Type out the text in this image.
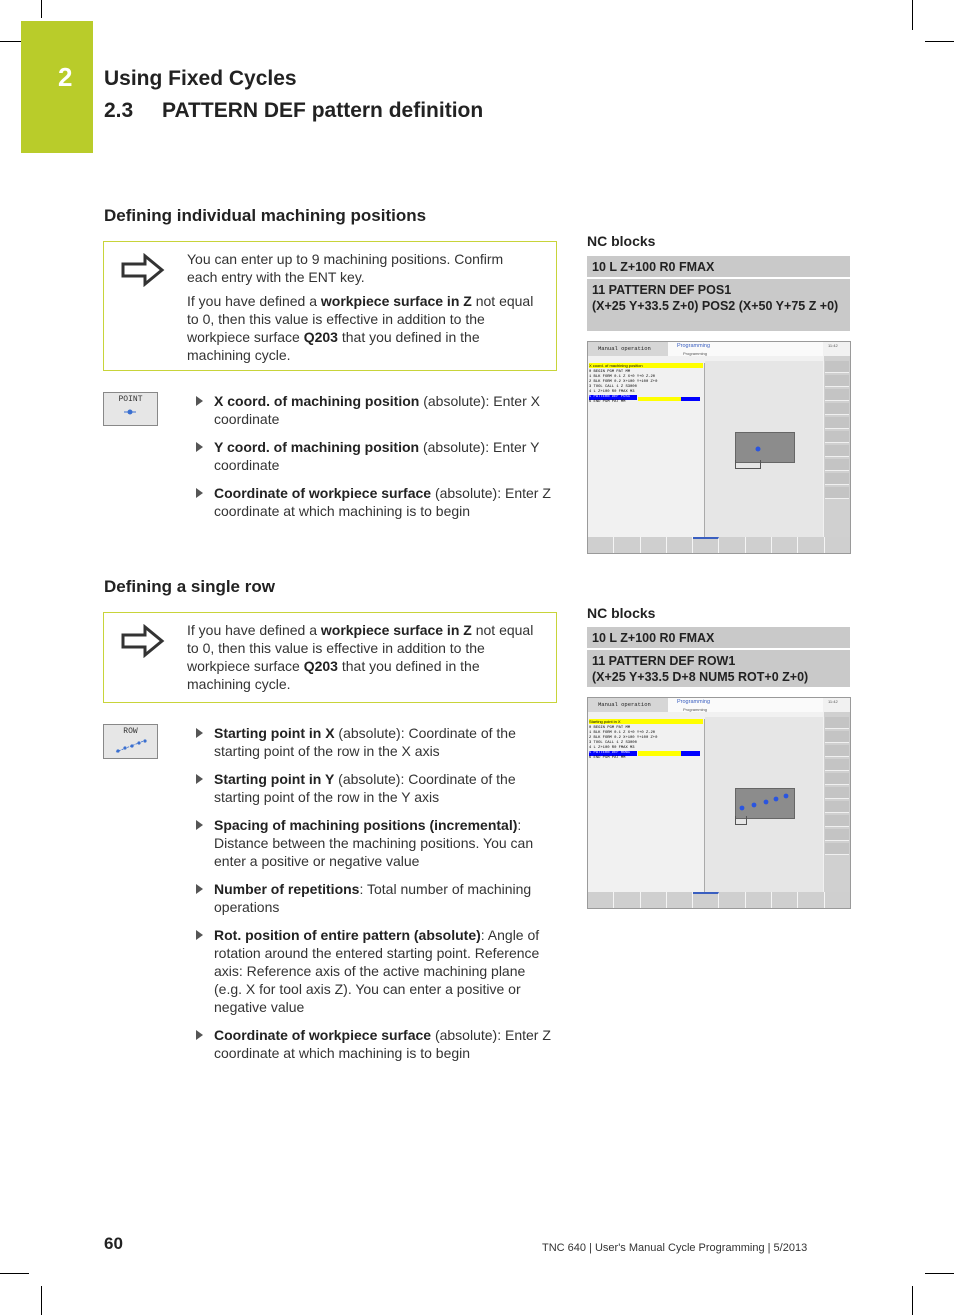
2 Using Fixed Cycles
2.3 PATTERN DEF pattern definition
Defining individual machining positions

You can enter up to 9 machining positions. Confirm each entry with the ENT key.

If you have defined a workpiece surface in Z not equal to 0, then this value is effective in addition to the workpiece surface Q203 that you defined in the machining cycle.

POINT	X coord. of machining position (absolute): Enter X coordinate
Y coord. of machining position (absolute): Enter Y coordinate
Coordinate of workpiece surface (absolute): Enter Z coordinate at which machining is to begin
NC blocks
10 L Z+100 R0 FMAX
11 PATTERN DEF POS1
(X+25 Y+33.5 Z+0) POS2 (X+50 Y+75 Z +0)
Manual operation	Programming
Programming
11:42
X coord. of machining position
0 BEGIN PGM PAT MM
1 BLK FORM 0.1 Z X+0 Y+0 Z-20
2 BLK FORM 0.2 X+100 Y+100 Z+0
3 TOOL CALL 1 Z S3000
4 L Z+100 R0 FMAX M3
5 PATTERN DEF POS1
6 END PGM PAT MM
Defining a single row

If you have defined a workpiece surface in Z not equal to 0, then this value is effective in addition to the workpiece surface Q203 that you defined in the machining cycle.

ROW	Starting point in X (absolute): Coordinate of the starting point of the row in the X axis
Starting point in Y (absolute): Coordinate of the starting point of the row in the Y axis
Spacing of machining positions (incremental): Distance between the machining positions. You can enter a positive or negative value
Number of repetitions: Total number of machining operations
Rot. position of entire pattern (absolute): Angle of rotation around the entered starting point. Reference axis: Reference axis of the active machining plane (e.g. X for tool axis Z). You can enter a positive or negative value
Coordinate of workpiece surface (absolute): Enter Z coordinate at which machining is to begin
NC blocks
10 L Z+100 R0 FMAX
11 PATTERN DEF ROW1
(X+25 Y+33.5 D+8 NUM5 ROT+0 Z+0)
Manual operation	Programming
Programming
11:42
Starting point in X
0 BEGIN PGM PAT MM
1 BLK FORM 0.1 Z X+0 Y+0 Z-20
2 BLK FORM 0.2 X+100 Y+100 Z+0
3 TOOL CALL 1 Z S3000
4 L Z+100 R0 FMAX M3
5 PATTERN DEF ROW1
6 END PGM PAT MM
60	TNC 640 | User's Manual Cycle Programming | 5/2013
